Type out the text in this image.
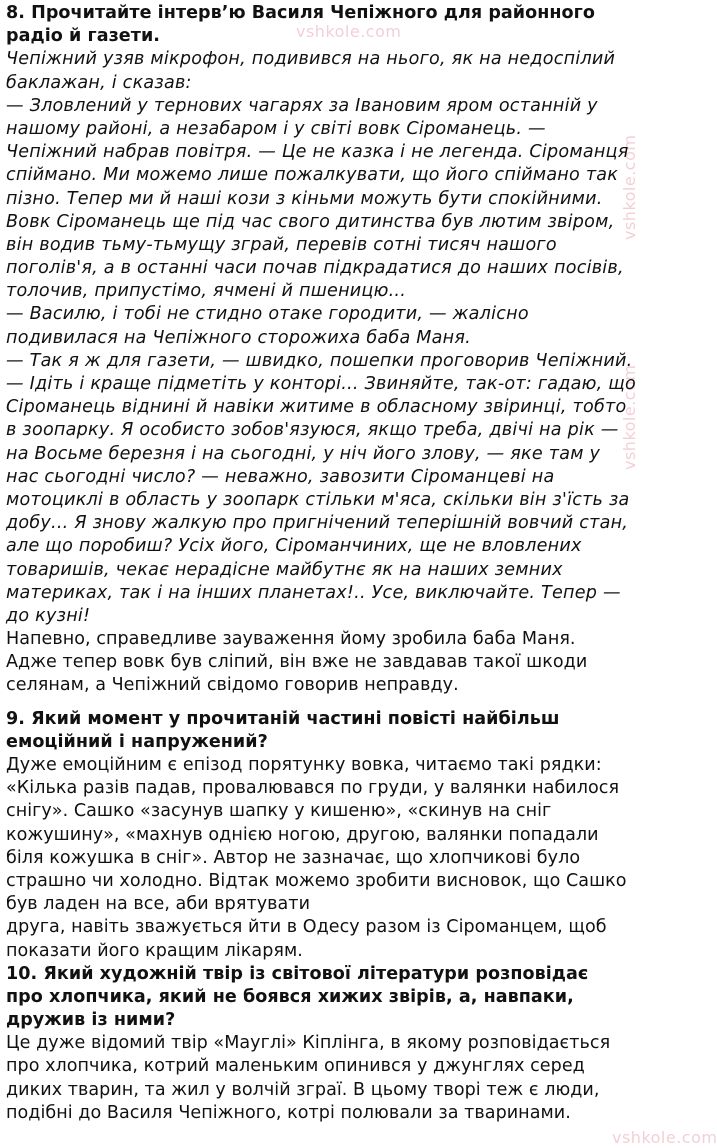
vshkole.com
vshkole.com
vshkole.com
vshkole.com
8. Прочитайте інтерв’ю Василя Чепіжного для районного
радіо й газети.
Чепіжний узяв мікрофон, подивився на нього, як на недоспілий
баклажан, і сказав:
— Зловлений у тернових чагарях за Івановим яром останній у
нашому районі, а незабаром і у світі вовк Сіроманець. —
Чепіжний набрав повітря. — Це не казка і не легенда. Сіроманця
спіймано. Ми можемо лише пожалкувати, що його спіймано так
пізно. Тепер ми й наші кози з кіньми можуть бути спокійними.
Вовк Сіроманець ще під час свого дитинства був лютим звіром,
він водив тьму-тьмущу зграй, перевів сотні тисяч нашого
поголів'я, а в останні часи почав підкрадатися до наших посівів,
толочив, припустімо, ячмені й пшеницю...
— Василю, і тобі не стидно отаке городити, — жалісно
подивилася на Чепіжного сторожиха баба Маня.
— Так я ж для газети, — швидко, пошепки проговорив Чепіжний.
— Ідіть і краще підметіть у конторі... Звиняйте, так-от: гадаю, що
Сіроманець віднині й навіки житиме в обласному звіринці, тобто
в зоопарку. Я особисто зобов'язуюся, якщо треба, двічі на рік —
на Восьме березня і на сьогодні, у ніч його злову, — яке там у
нас сьогодні число? — неважно, завозити Сіроманцеві на
мотоциклі в область у зоопарк стільки м'яса, скільки він з'їсть за
добу... Я знову жалкую про пригнічений теперішній вовчий стан,
але що поробиш? Усіх його, Сіроманчиних, ще не вловлених
товаришів, чекає нерадісне майбутнє як на наших земних
материках, так і на інших планетах!.. Усе, виключайте. Тепер —
до кузні!
Напевно, справедливе зауваження йому зробила баба Маня.
Адже тепер вовк був сліпий, він вже не завдавав такої шкоди
селянам, а Чепіжний свідомо говорив неправду.
9. Який момент у прочитаній частині повісті найбільш
емоційний і напружений?
Дуже емоційним є епізод порятунку вовка, читаємо такі рядки:
«Кілька разів падав, провалювався по груди, у валянки набилося
снігу». Сашко «засунув шапку у кишеню», «скинув на сніг
кожушину», «махнув однією ногою, другою, валянки попадали
біля кожушка в сніг». Автор не зазначає, що хлопчикові було
страшно чи холодно. Відтак можемо зробити висновок, що Сашко
був ладен на все, аби врятувати
друга, навіть зважується йти в Одесу разом із Сіроманцем, щоб
показати його кращим лікарям.
10. Який художній твір із світової літератури розповідає
про хлопчика, який не боявся хижих звірів, а, навпаки,
дружив із ними?
Це дуже відомий твір «Мауглі» Кіплінга, в якому розповідається
про хлопчика, котрий маленьким опинився у джунглях серед
диких тварин, та жил у волчій зграї. В цьому творі теж є люди,
подібні до Василя Чепіжного, котрі полювали за тваринами.
